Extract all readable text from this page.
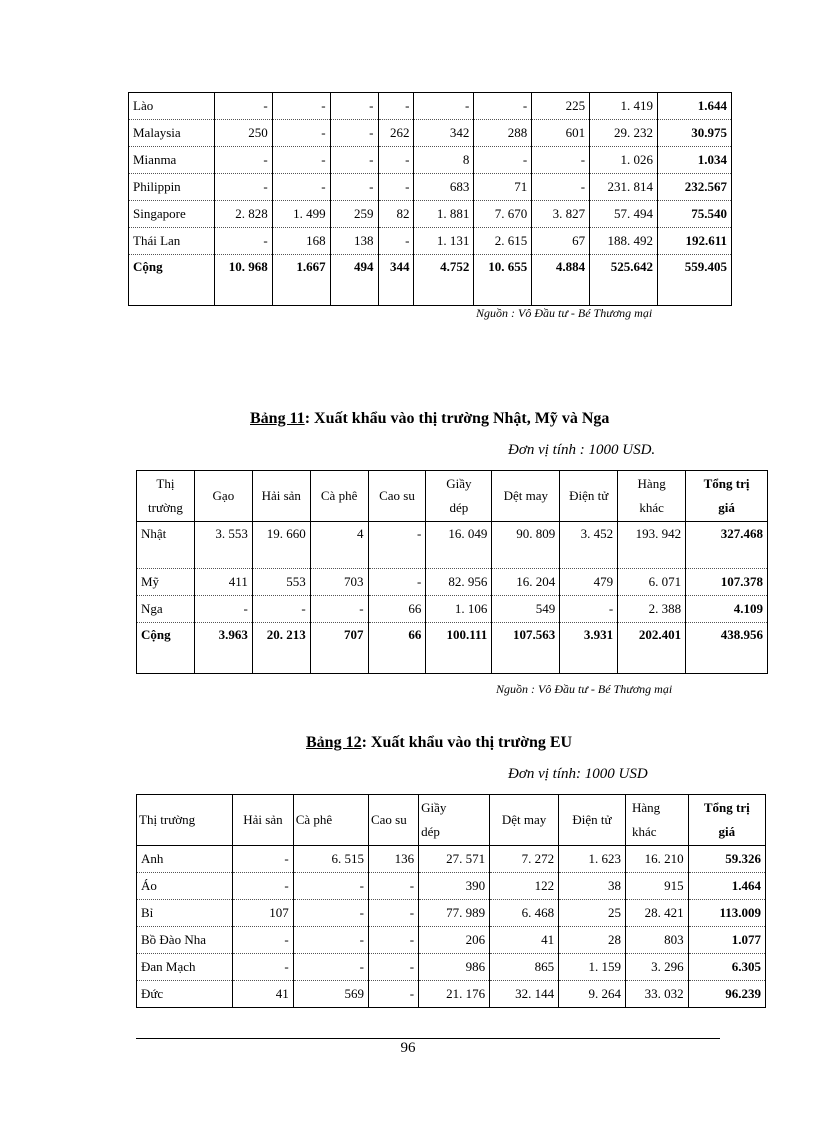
Lào	-	-	-	-	-	-	225	1. 419	1.644
Malaysia	250	-	-	262	342	288	601	29. 232	30.975
Mianma	-	-	-	-	8	-	-	1. 026	1.034
Philippin	-	-	-	-	683	71	-	231. 814	232.567
Singapore	2. 828	1. 499	259	82	1. 881	7. 670	3. 827	57. 494	75.540
Thái Lan	-	168	138	-	1. 131	2. 615	67	188. 492	192.611
Cộng	10. 968	1.667	494	344	4.752	10. 655	4.884	525.642	559.405
Nguồn : Vô Đầu tư - Bé Thương mại
Bảng 11: Xuất khẩu vào thị trường Nhật, Mỹ và Nga
Đơn vị tính : 1000 USD.
Thị trường	Gạo	Hải sản	Cà phê	Cao su	Giầy dép	Dệt may	Điện tử	Hàng khác	Tổng trị giá
Nhật	3. 553	19. 660	4	-	16. 049	90. 809	3. 452	193. 942	327.468
Mỹ	411	553	703	-	82. 956	16. 204	479	6. 071	107.378
Nga	-	-	-	66	1. 106	549	-	2. 388	4.109
Cộng	3.963	20. 213	707	66	100.111	107.563	3.931	202.401	438.956
Nguồn : Vô Đầu tư - Bé Thương mại
Bảng 12: Xuất khẩu vào thị trường EU
Đơn vị tính: 1000 USD
Thị trường	Hải sản	Cà phê	Cao su	Giầy dép	Dệt may	Điện tử	Hàng khác	Tổng trị giá
Anh	-	6. 515	136	27. 571	7. 272	1. 623	16. 210	59.326
Áo	-	-	-	390	122	38	915	1.464
Bỉ	107	-	-	77. 989	6. 468	25	28. 421	113.009
Bồ Đào Nha	-	-	-	206	41	28	803	1.077
Đan Mạch	-	-	-	986	865	1. 159	3. 296	6.305
Đức	41	569	-	21. 176	32. 144	9. 264	33. 032	96.239
96
